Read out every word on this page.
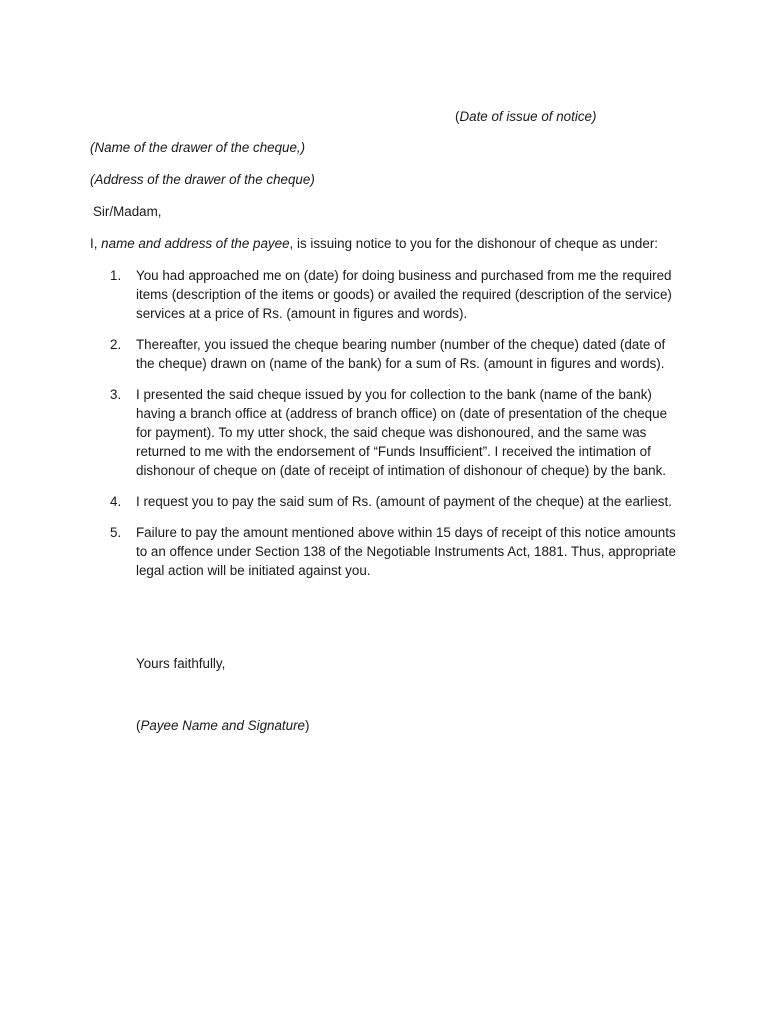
(Date of issue of notice)
(Name of the drawer of the cheque,)
(Address of the drawer of the cheque)
Sir/Madam,
I, name and address of the payee, is issuing notice to you for the dishonour of cheque as under:
1. You had approached me on (date) for doing business and purchased from me the required items (description of the items or goods) or availed the required (description of the service) services at a price of Rs. (amount in figures and words).
2. Thereafter, you issued the cheque bearing number (number of the cheque) dated (date of the cheque) drawn on (name of the bank) for a sum of Rs. (amount in figures and words).
3. I presented the said cheque issued by you for collection to the bank (name of the bank) having a branch office at (address of branch office) on (date of presentation of the cheque for payment). To my utter shock, the said cheque was dishonoured, and the same was returned to me with the endorsement of “Funds Insufficient”. I received the intimation of dishonour of cheque on (date of receipt of intimation of dishonour of cheque) by the bank.
4. I request you to pay the said sum of Rs. (amount of payment of the cheque) at the earliest.
5. Failure to pay the amount mentioned above within 15 days of receipt of this notice amounts to an offence under Section 138 of the Negotiable Instruments Act, 1881. Thus, appropriate legal action will be initiated against you.
Yours faithfully,
(Payee Name and Signature)
